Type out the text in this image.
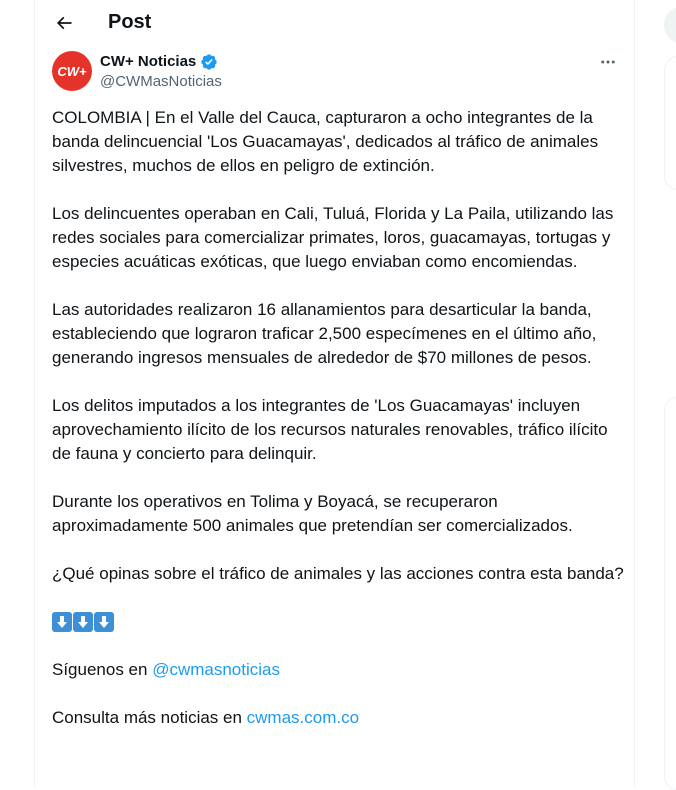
Post
CW+
CW+ Noticias
@CWMasNoticias

COLOMBIA | En el Valle del Cauca, capturaron a ocho integrantes de la banda delincuencial 'Los Guacamayas', dedicados al tráfico de animales silvestres, muchos de ellos en peligro de extinción.

Los delincuentes operaban en Cali, Tuluá, Florida y La Paila, utilizando las redes sociales para comercializar primates, loros, guacamayas, tortugas y especies acuáticas exóticas, que luego enviaban como encomiendas.

Las autoridades realizaron 16 allanamientos para desarticular la banda, estableciendo que lograron traficar 2,500 especímenes en el último año, generando ingresos mensuales de alrededor de $70 millones de pesos.

Los delitos imputados a los integrantes de 'Los Guacamayas' incluyen aprovechamiento ilícito de los recursos naturales renovables, tráfico ilícito de fauna y concierto para delinquir.

Durante los operativos en Tolima y Boyacá, se recuperaron aproximadamente 500 animales que pretendían ser comercializados.

¿Qué opinas sobre el tráfico de animales y las acciones contra esta banda?

Síguenos en @cwmasnoticias

Consulta más noticias en cwmas.com.co
